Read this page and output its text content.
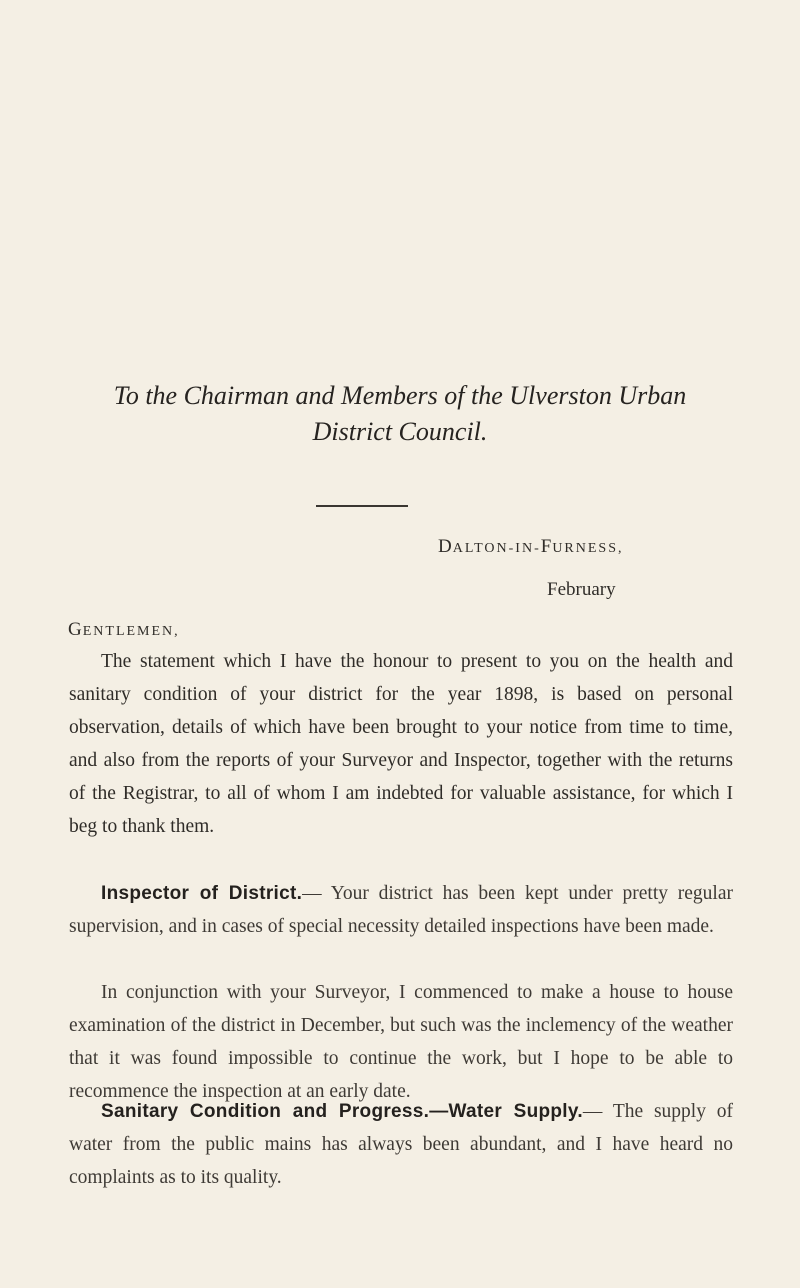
To the Chairman and Members of the Ulverston Urban
District Council.
DALTON-IN-FURNESS,
February
GENTLEMEN,

The statement which I have the honour to present to you on the health and sanitary condition of your district for the year 1898, is based on personal observation, details of which have been brought to your notice from time to time, and also from the reports of your Surveyor and Inspector, together with the returns of the Registrar, to all of whom I am indebted for valuable assistance, for which I beg to thank them.

Inspector of District.— Your district has been kept under pretty regular supervision, and in cases of special necessity detailed inspections have been made.

In conjunction with your Surveyor, I commenced to make a house to house examination of the district in December, but such was the inclemency of the weather that it was found impossible to continue the work, but I hope to be able to recommence the inspection at an early date.

Sanitary Condition and Progress.—Water Supply.— The supply of water from the public mains has always been abundant, and I have heard no complaints as to its quality.
